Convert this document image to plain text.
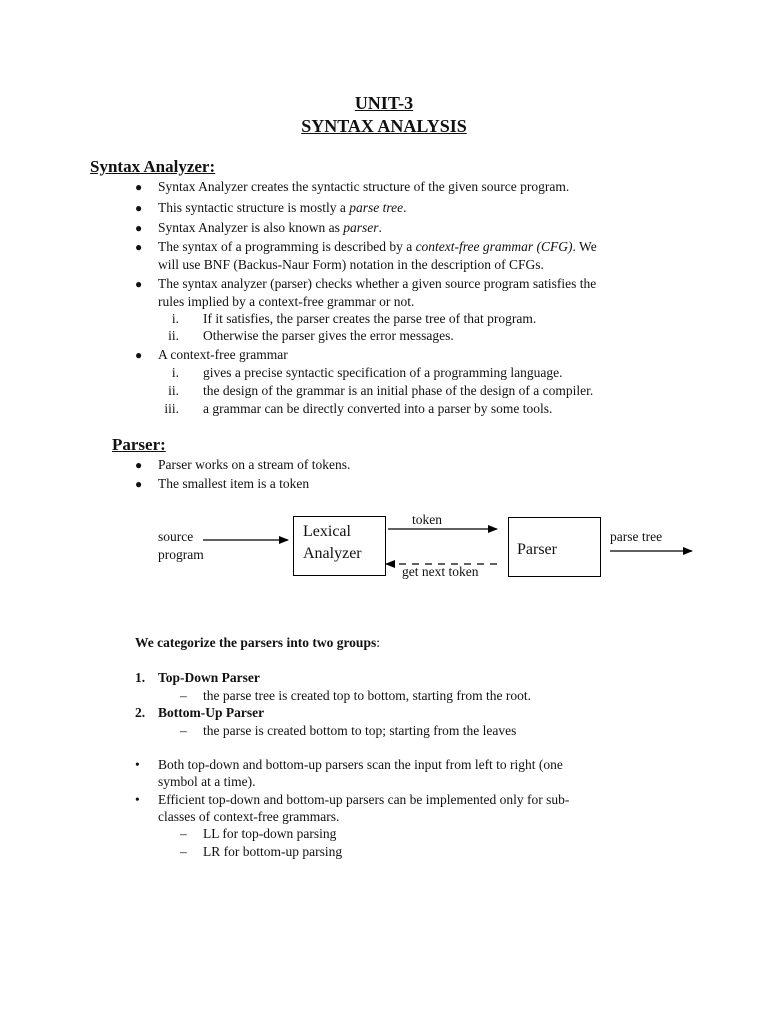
UNIT-3
SYNTAX ANALYSIS
Syntax Analyzer:
● Syntax Analyzer creates the syntactic structure of the given source program.
● This syntactic structure is mostly a parse tree.
● Syntax Analyzer is also known as parser.
● The syntax of a programming is described by a context-free grammar (CFG). We
will use BNF (Backus-Naur Form) notation in the description of CFGs.
● The syntax analyzer (parser) checks whether a given source program satisfies the
rules implied by a context-free grammar or not.
i. If it satisfies, the parser creates the parse tree of that program.
ii. Otherwise the parser gives the error messages.
● A context-free grammar
i. gives a precise syntactic specification of a programming language.
ii. the design of the grammar is an initial phase of the design of a compiler.
iii. a grammar can be directly converted into a parser by some tools.
Parser:
● Parser works on a stream of tokens.
● The smallest item is a token
source
program
Lexical
Analyzer
token
get next token
Parser
parse tree
We categorize the parsers into two groups:
1. Top-Down Parser
– the parse tree is created top to bottom, starting from the root.
2. Bottom-Up Parser
– the parse is created bottom to top; starting from the leaves
• Both top-down and bottom-up parsers scan the input from left to right (one
symbol at a time).
• Efficient top-down and bottom-up parsers can be implemented only for sub-
classes of context-free grammars.
– LL for top-down parsing
– LR for bottom-up parsing
